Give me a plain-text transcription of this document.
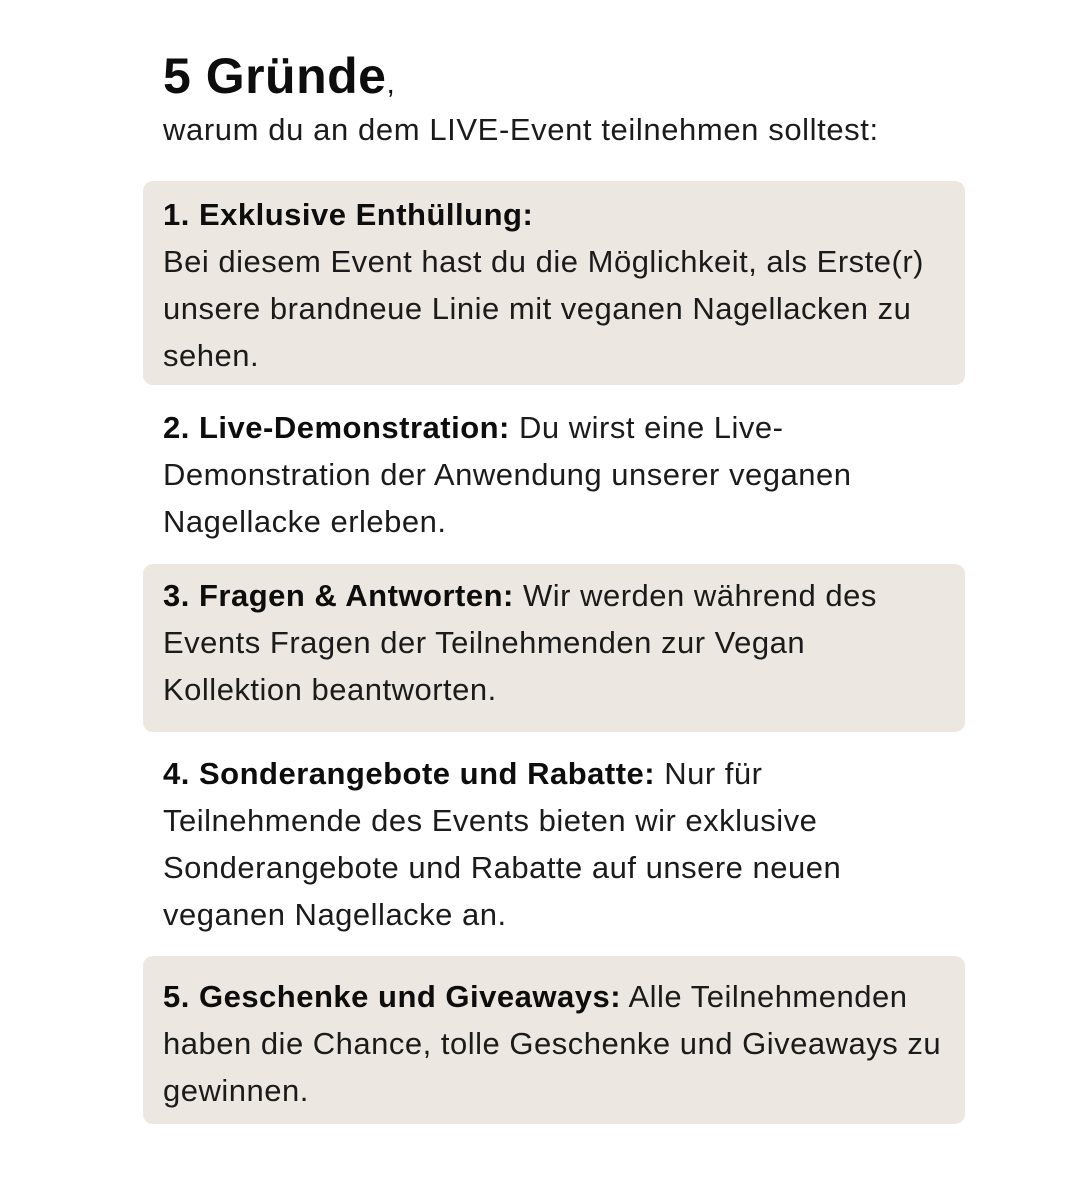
5 Gründe,

warum du an dem LIVE-Event teilnehmen solltest:

1. Exklusive Enthüllung:
Bei diesem Event hast du die Möglichkeit, als Erste(r) unsere brandneue Linie mit veganen Nagellacken zu sehen.

2. Live-Demonstration: Du wirst eine Live-Demonstration der Anwendung unserer veganen Nagellacke erleben.

3. Fragen & Antworten: Wir werden während des Events Fragen der Teilnehmenden zur Vegan Kollektion beantworten.

4. Sonderangebote und Rabatte: Nur für Teilnehmende des Events bieten wir exklusive Sonderangebote und Rabatte auf unsere neuen veganen Nagellacke an.

5. Geschenke und Giveaways: Alle Teilnehmenden haben die Chance, tolle Geschenke und Giveaways zu gewinnen.
